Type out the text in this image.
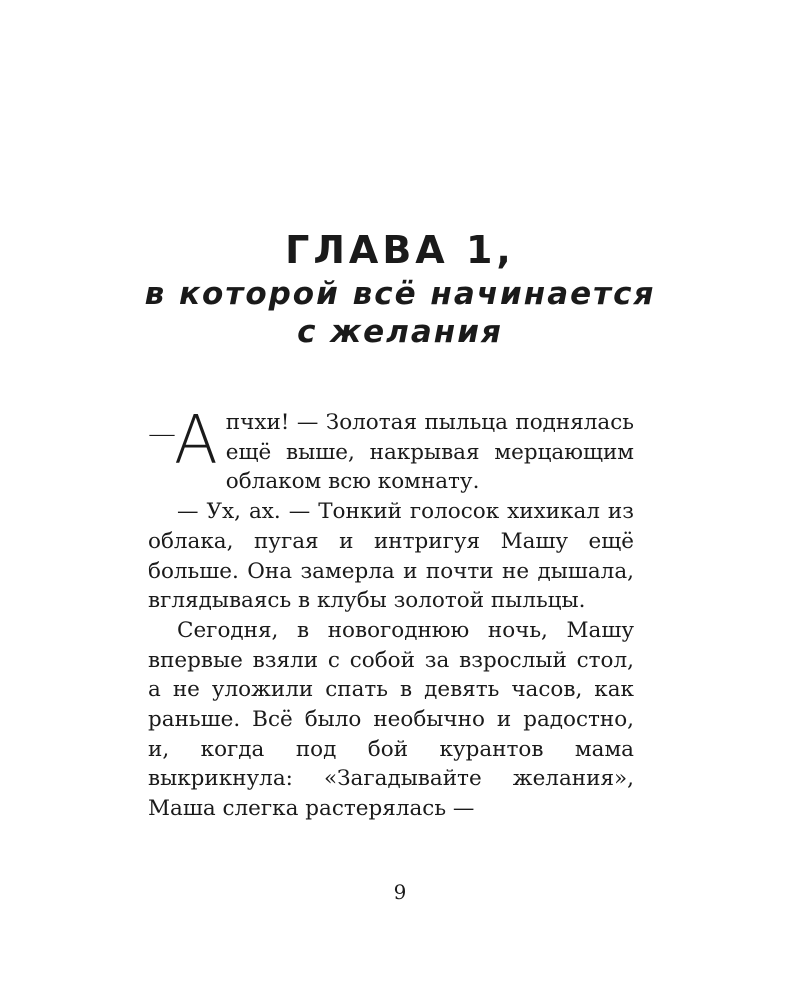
ГЛАВА 1,
в которой всё начинается
с желания

—
А пчхи! — Золотая пыльца поднялась ещё выше, накрывая мерцающим облаком всю комнату.

— Ух, ах. — Тонкий голосок хихикал из облака, пугая и интригуя Машу ещё больше. Она замерла и почти не дышала, вглядываясь в клубы золотой пыльцы.

Сегодня, в новогоднюю ночь, Машу впервые взяли с собой за взрослый стол, а не уложили спать в девять часов, как раньше. Всё было необычно и радостно, и, когда под бой курантов мама выкрикнула: «Загадывайте желания», Маша слегка растерялась —

9
